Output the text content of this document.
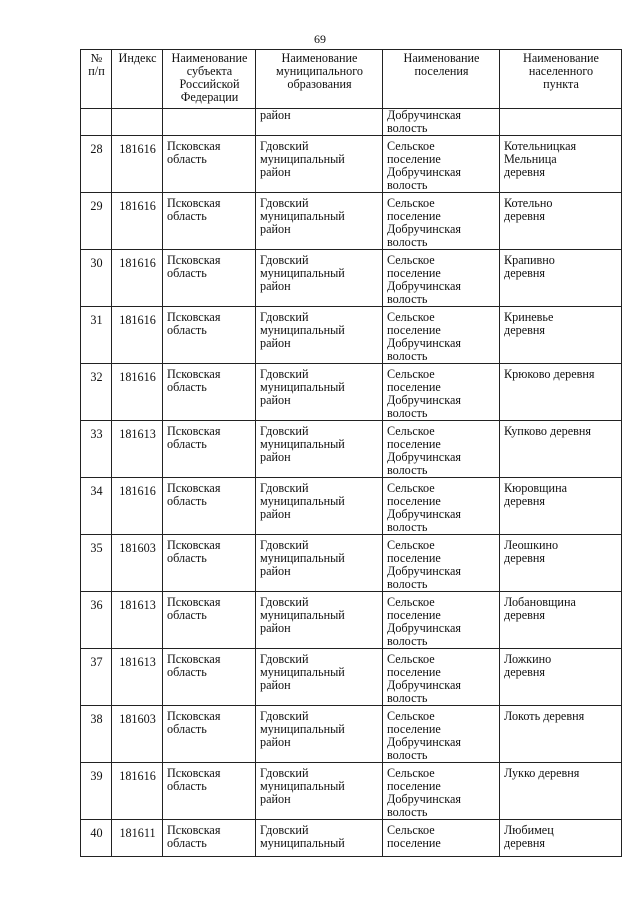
69
№
п/п	Индекс	Наименование
субъекта
Российской
Федерации	Наименование
муниципального
образования	Наименование
поселения	Наименование
населенного
пункта

			район	Добручинская
волость	

28	181616	Псковская
область	Гдовский
муниципальный
район	Сельское
поселение
Добручинская
волость	Котельницкая
Мельница
деревня

29	181616	Псковская
область	Гдовский
муниципальный
район	Сельское
поселение
Добручинская
волость	Котельно
деревня

30	181616	Псковская
область	Гдовский
муниципальный
район	Сельское
поселение
Добручинская
волость	Крапивно
деревня

31	181616	Псковская
область	Гдовский
муниципальный
район	Сельское
поселение
Добручинская
волость	Криневье
деревня

32	181616	Псковская
область	Гдовский
муниципальный
район	Сельское
поселение
Добручинская
волость	Крюково деревня

33	181613	Псковская
область	Гдовский
муниципальный
район	Сельское
поселение
Добручинская
волость	Купково деревня

34	181616	Псковская
область	Гдовский
муниципальный
район	Сельское
поселение
Добручинская
волость	Кюровщина
деревня

35	181603	Псковская
область	Гдовский
муниципальный
район	Сельское
поселение
Добручинская
волость	Леошкино
деревня

36	181613	Псковская
область	Гдовский
муниципальный
район	Сельское
поселение
Добручинская
волость	Лобановщина
деревня

37	181613	Псковская
область	Гдовский
муниципальный
район	Сельское
поселение
Добручинская
волость	Ложкино
деревня

38	181603	Псковская
область	Гдовский
муниципальный
район	Сельское
поселение
Добручинская
волость	Локоть деревня

39	181616	Псковская
область	Гдовский
муниципальный
район	Сельское
поселение
Добручинская
волость	Лукко деревня

40	181611	Псковская
область	Гдовский
муниципальный	Сельское
поселение	Любимец
деревня
